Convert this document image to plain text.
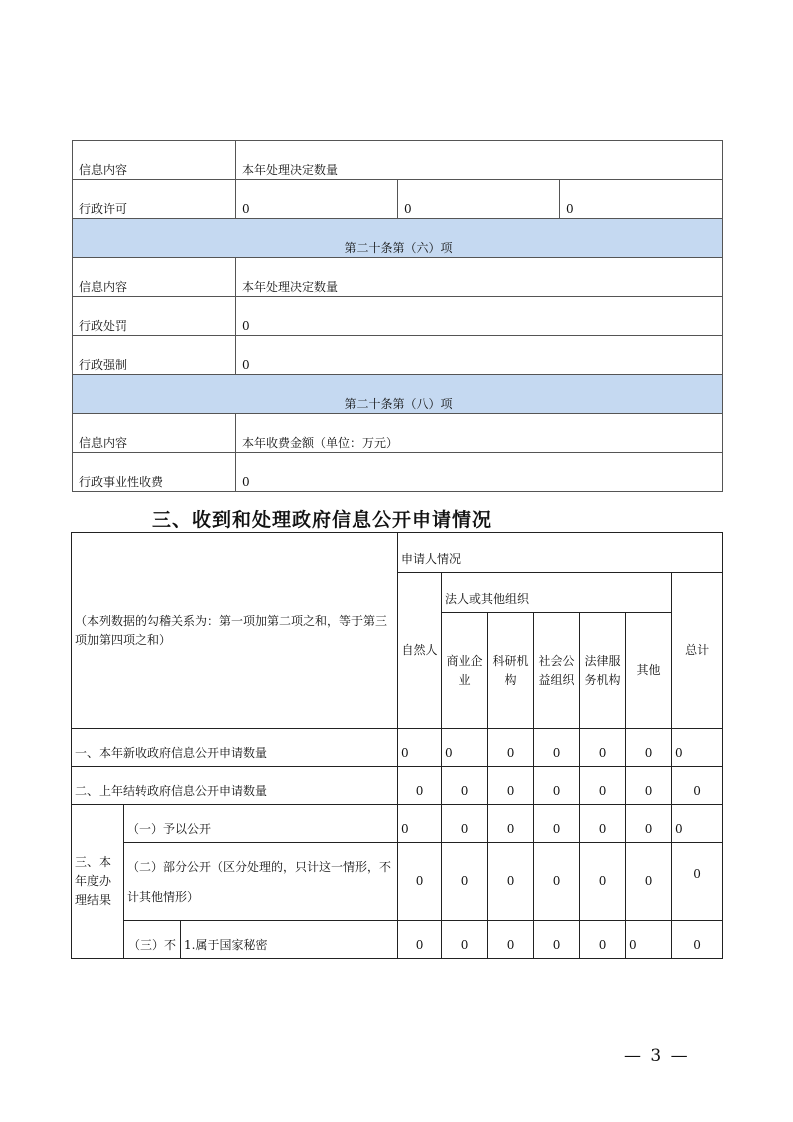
信息内容	本年处理决定数量		
行政许可	0	0	0
第二十条第（六）项			
信息内容	本年处理决定数量		
行政处罚	0		
行政强制	0		
第二十条第（八）项			
信息内容	本年收费金额（单位：万元）		
行政事业性收费	0		
三、收到和处理政府信息公开申请情况
（本列数据的勾稽关系为：第一项加第二项之和，等于第三项加第四项之和）			申请人情况						
			自然人	法人或其他组织					总计
				商业企业	科研机构	社会公益组织	法律服务机构	其他	

一、本年新收政府信息公开申请数量			0	0	0	0	0	0	0
二、上年结转政府信息公开申请数量			0	0	0	0	0	0	0
三、本年度办理结果	（一）予以公开		0	0	0	0	0	0	0
	（二）部分公开（区分处理的，只计这一情形，不计其他情形）		0	0	0	0	0	0	0
	（三）不	1.属于国家秘密	0	0	0	0	0	0	0
— 3 —
